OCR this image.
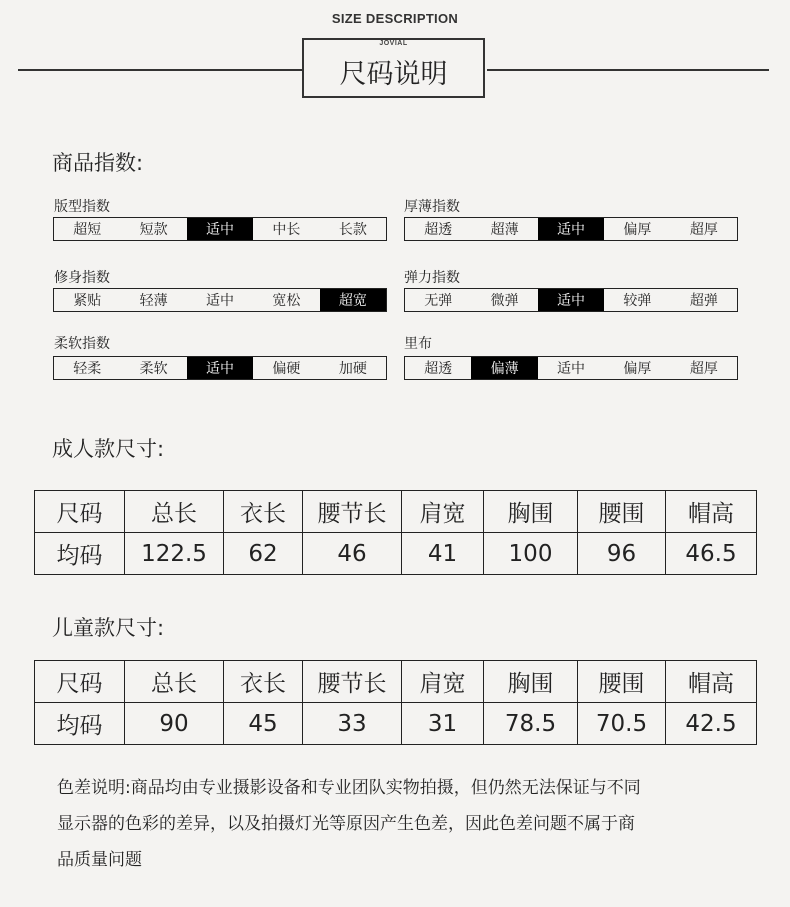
SIZE DESCRIPTION
JOVIAL
尺码说明
商品指数:
版型指数
超短	短款	适中	中长	长款
厚薄指数
超透	超薄	适中	偏厚	超厚
修身指数
紧贴	轻薄	适中	宽松	超宽
弹力指数
无弹	微弹	适中	较弹	超弹
柔软指数
轻柔	柔软	适中	偏硬	加硬
里布
超透	偏薄	适中	偏厚	超厚
成人款尺寸:
尺码	总长	衣长	腰节长	肩宽	胸围	腰围	帽高
均码	122.5	62	46	41	100	96	46.5
儿童款尺寸:
尺码	总长	衣长	腰节长	肩宽	胸围	腰围	帽高
均码	90	45	33	31	78.5	70.5	42.5
色差说明:商品均由专业摄影设备和专业团队实物拍摄，但仍然无法保证与不同
显示器的色彩的差异，以及拍摄灯光等原因产生色差，因此色差问题不属于商
品质量问题
